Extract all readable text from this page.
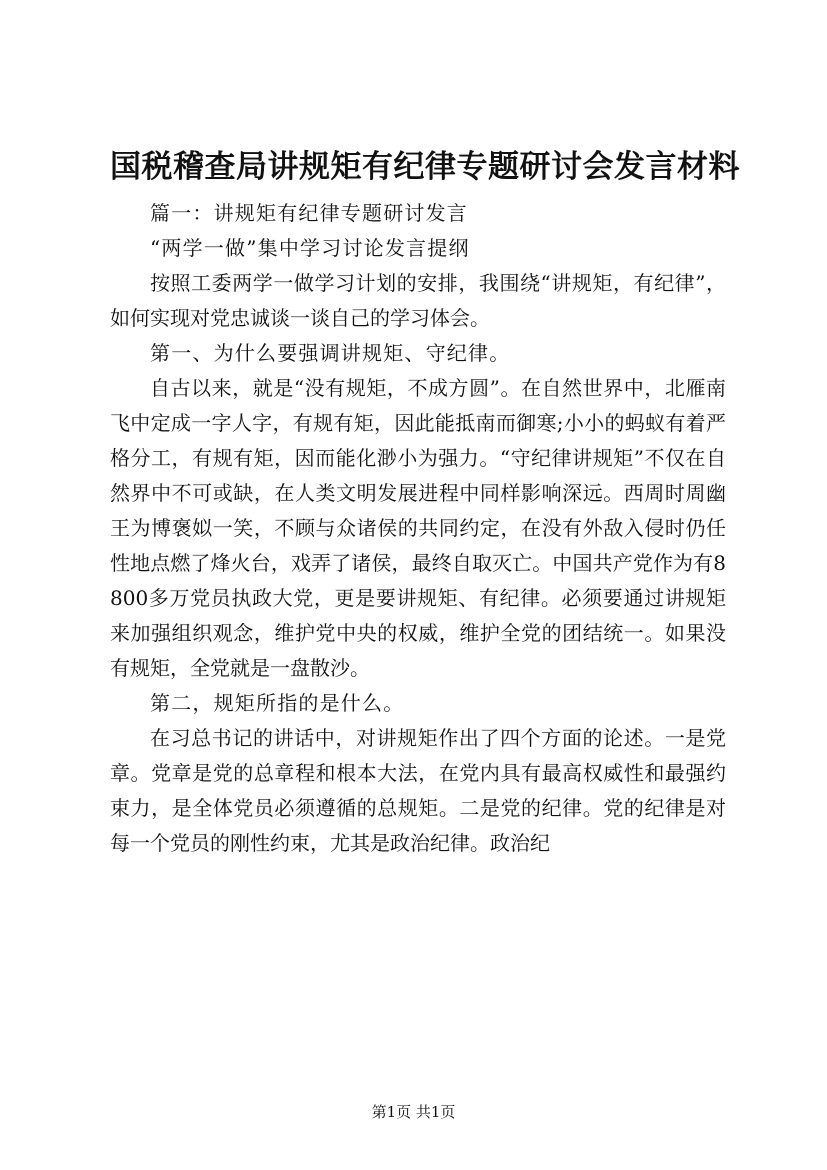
国税稽查局讲规矩有纪律专题研讨会发言材料

篇一：讲规矩有纪律专题研讨发言

“两学一做”集中学习讨论发言提纲

按照工委两学一做学习计划的安排，我围绕“讲规矩，有纪律”，如何实现对党忠诚谈一谈自己的学习体会。

第一、为什么要强调讲规矩、守纪律。

自古以来，就是“没有规矩，不成方圆”。在自然世界中，北雁南飞中定成一字人字，有规有矩，因此能抵南而御寒;小小的蚂蚁有着严格分工，有规有矩，因而能化渺小为强力。“守纪律讲规矩”不仅在自然界中不可或缺，在人类文明发展进程中同样影响深远。西周时周幽王为博褒姒一笑，不顾与众诸侯的共同约定，在没有外敌入侵时仍任性地点燃了烽火台，戏弄了诸侯，最终自取灭亡。中国共产党作为有8800多万党员执政大党，更是要讲规矩、有纪律。必须要通过讲规矩来加强组织观念，维护党中央的权威，维护全党的团结统一。如果没有规矩，全党就是一盘散沙。

第二，规矩所指的是什么。

在习总书记的讲话中，对讲规矩作出了四个方面的论述。一是党章。党章是党的总章程和根本大法，在党内具有最高权威性和最强约束力，是全体党员必须遵循的总规矩。二是党的纪律。党的纪律是对每一个党员的刚性约束，尤其是政治纪律。政治纪

第1页 共1页
